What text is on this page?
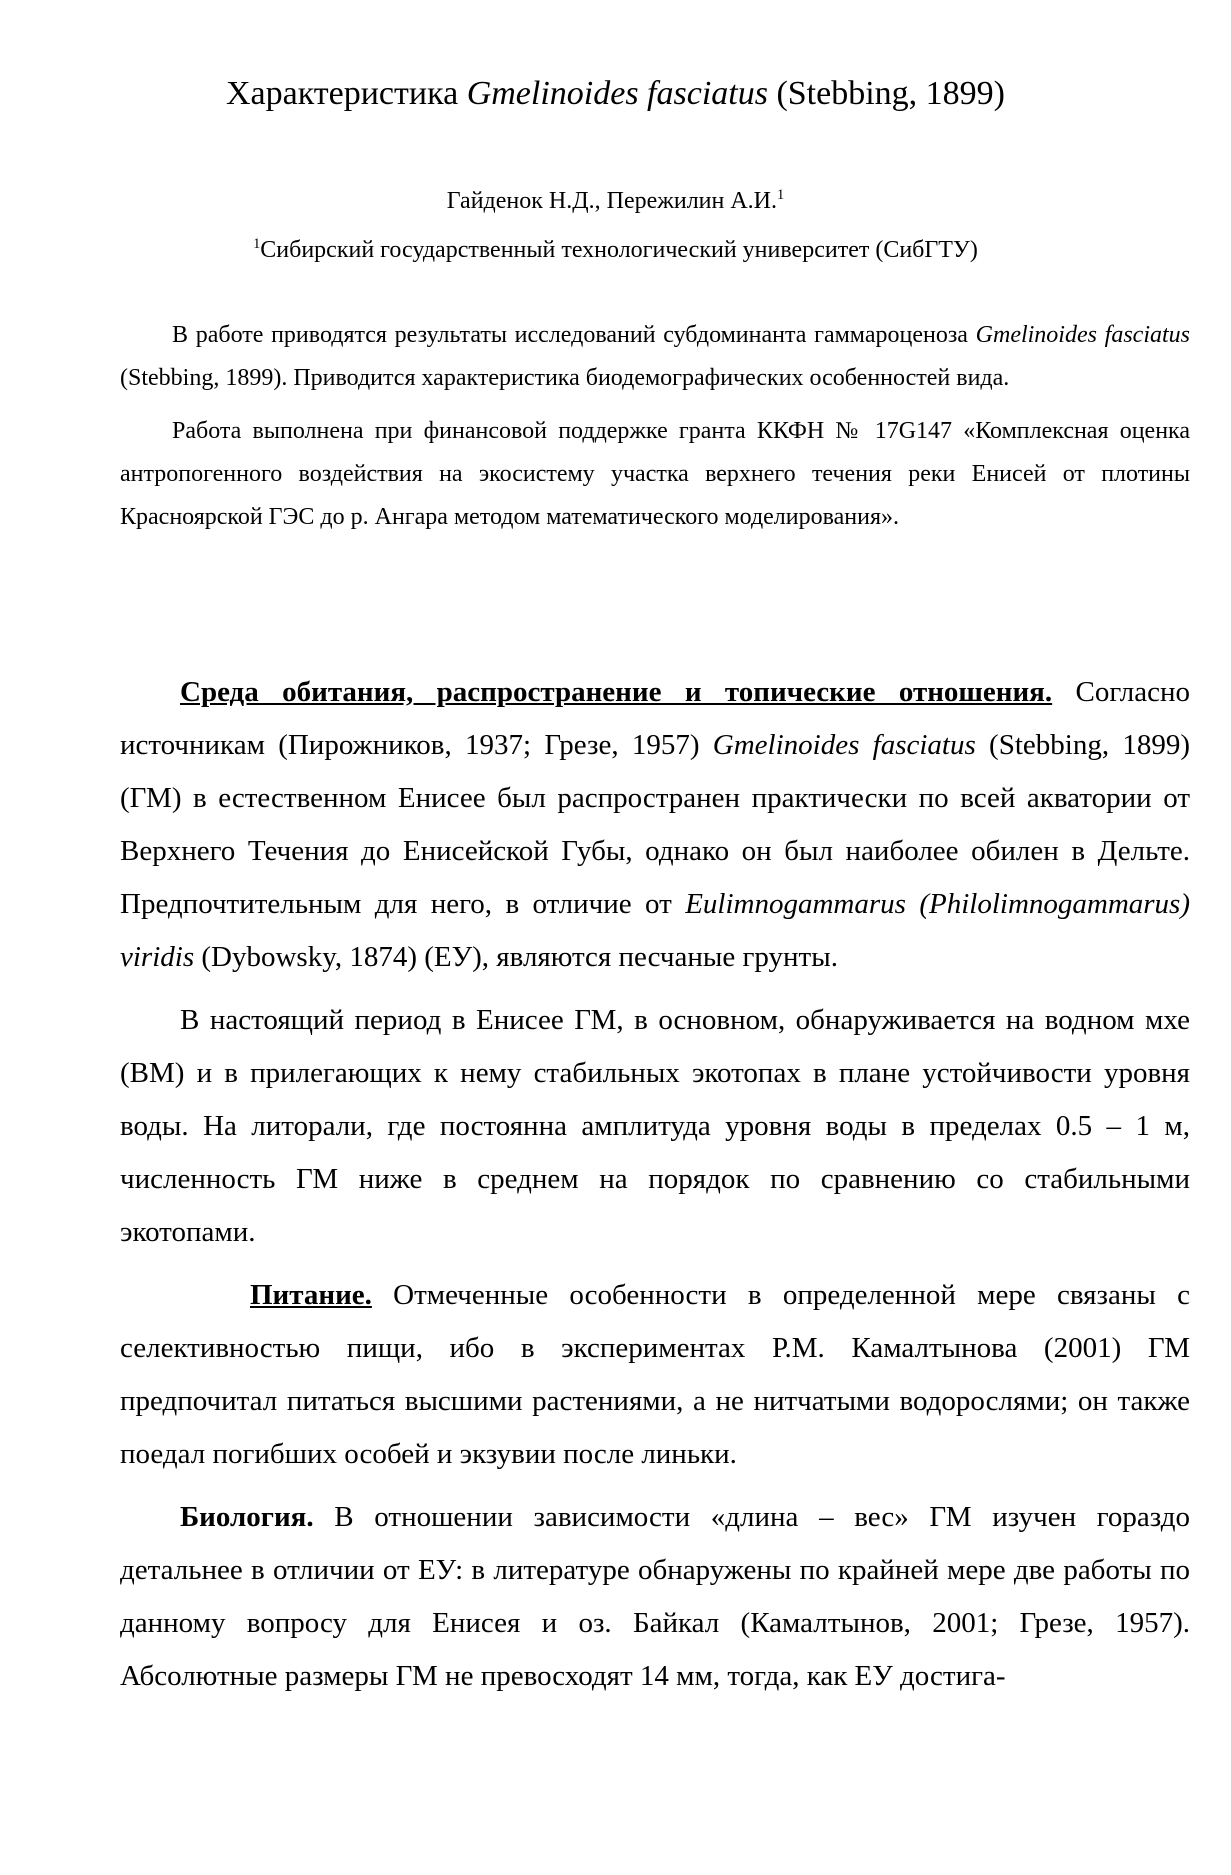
Характеристика Gmelinoides fasciatus (Stebbing, 1899)
Гайденок Н.Д., Пережилин А.И.$^1$
$^1$Сибирский государственный технологический университет (СибГТУ)

В работе приводятся результаты исследований субдоминанта гаммароценоза Gmelinoides fasciatus (Stebbing, 1899). Приводится характеристика биодемографических особенностей вида.

Работа выполнена при финансовой поддержке гранта ККФН № 17G147 «Комплексная оценка антропогенного воздействия на экосистему участка верхнего течения реки Енисей от плотины Красноярской ГЭС до р. Ангара методом математического моделирования».

Среда обитания, распространение и топические отношения. Согласно источникам (Пирожников, 1937; Грезе, 1957) Gmelinoides fasciatus (Stebbing, 1899) (ГМ) в естественном Енисее был распространен практически по всей акватории от Верхнего Течения до Енисейской Губы, однако он был наиболее обилен в Дельте. Предпочтительным для него, в отличие от Eulimnogammarus (Philolimnogammarus) viridis (Dybowsky, 1874) (ЕУ), являются песчаные грунты.

В настоящий период в Енисее ГМ, в основном, обнаруживается на водном мхе (ВМ) и в прилегающих к нему стабильных экотопах в плане устойчивости уровня воды. На литорали, где постоянна амплитуда уровня воды в пределах 0.5 – 1 м, численность ГМ ниже в среднем на порядок по сравнению со стабильными экотопами.

Питание. Отмеченные особенности в определенной мере связаны с селективностью пищи, ибо в экспериментах Р.М. Камалтынова (2001) ГМ предпочитал питаться высшими растениями, а не нитчатыми водорослями; он также поедал погибших особей и экзувии после линьки.

Биология. В отношении зависимости «длина – вес» ГМ изучен гораздо детальнее в отличии от ЕУ: в литературе обнаружены по крайней мере две работы по данному вопросу для Енисея и оз. Байкал (Камалтынов, 2001; Грезе, 1957). Абсолютные размеры ГМ не превосходят 14 мм, тогда, как ЕУ достига-
